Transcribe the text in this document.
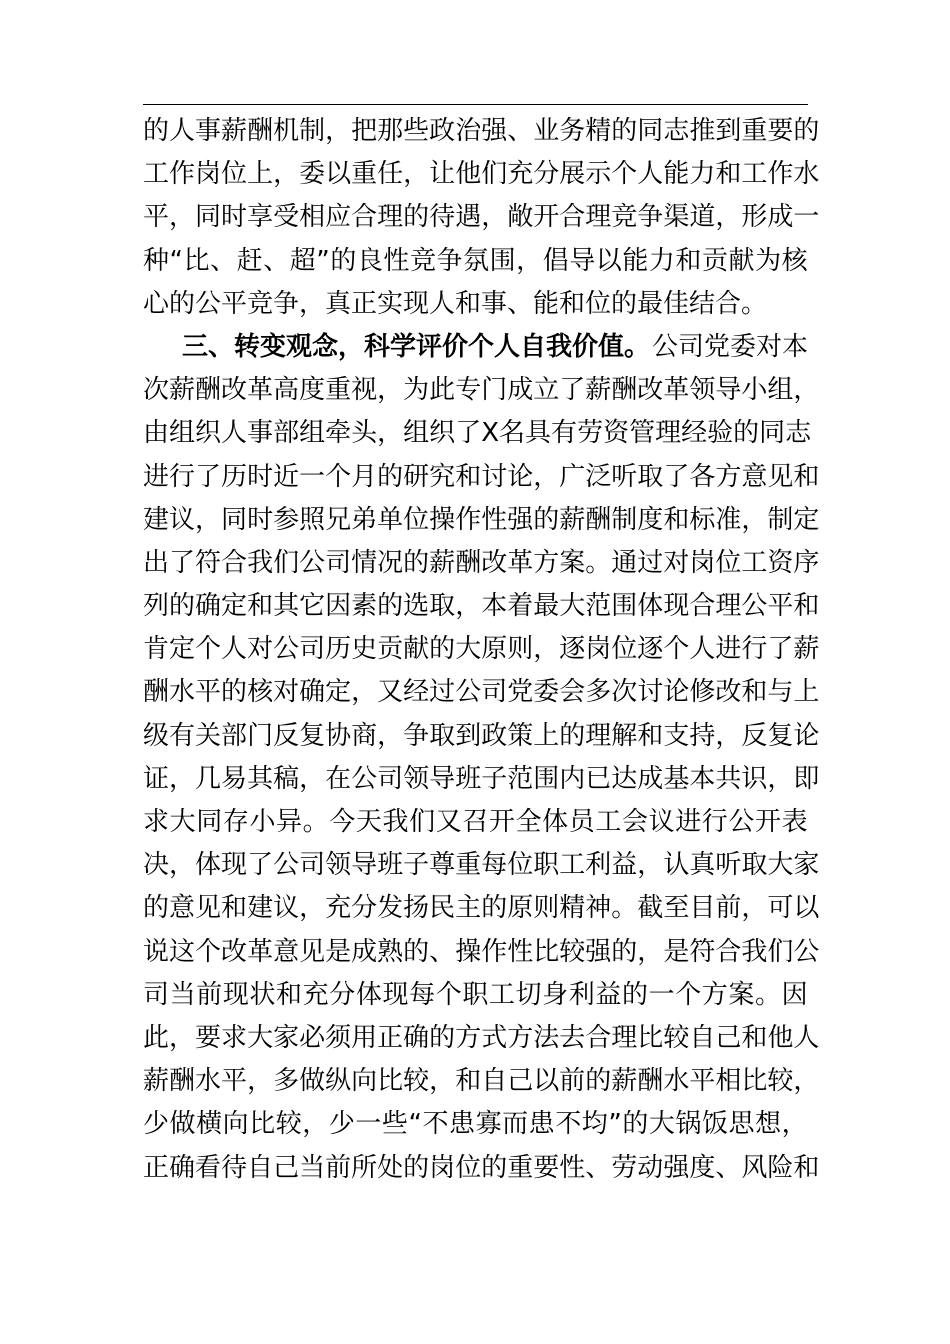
的 人 事 薪 酬 机 制 ， 把 那 些 政 治 强 、 业 务 精 的 同 志 推 到 重 要 的
工 作 岗 位 上 ， 委 以 重 任 ， 让 他 们 充 分 展 示 个 人 能 力 和 工 作 水
平 ， 同 时 享 受 相 应 合 理 的 待 遇 ， 敞 开 合 理 竞 争 渠 道 ， 形 成 一
种 “ 比 、 赶 、 超 ” 的 良 性 竞 争 氛 围 ， 倡 导 以 能 力 和 贡 献 为 核
心的公平竞争，真正实现人和事、能和位的最佳结合。
三、转变观念，科学评价个人自我价值。 公司党委对本
次 薪 酬 改 革 高 度 重 视 ， 为 此 专 门 成 立 了 薪 酬 改 革 领 导 小 组 ，
由 组 织 人 事 部 组 牵 头 ， 组 织 了 X 名 具 有 劳 资 管 理 经 验 的 同 志
进 行 了 历 时 近 一 个 月 的 研 究 和 讨 论 ， 广 泛 听 取 了 各 方 意 见 和
建 议 ， 同 时 参 照 兄 弟 单 位 操 作 性 强 的 薪 酬 制 度 和 标 准 ， 制 定
出 了 符 合 我 们 公 司 情 况 的 薪 酬 改 革 方 案 。 通 过 对 岗 位 工 资 序
列 的 确 定 和 其 它 因 素 的 选 取 ， 本 着 最 大 范 围 体 现 合 理 公 平 和
肯 定 个 人 对 公 司 历 史 贡 献 的 大 原 则 ， 逐 岗 位 逐 个 人 进 行 了 薪
酬 水 平 的 核 对 确 定 ， 又 经 过 公 司 党 委 会 多 次 讨 论 修 改 和 与 上
级 有 关 部 门 反 复 协 商 ， 争 取 到 政 策 上 的 理 解 和 支 持 ， 反 复 论
证 ， 几 易 其 稿 ， 在 公 司 领 导 班 子 范 围 内 已 达 成 基 本 共 识 ， 即
求 大 同 存 小 异 。 今 天 我 们 又 召 开 全 体 员 工 会 议 进 行 公 开 表
决 ， 体 现 了 公 司 领 导 班 子 尊 重 每 位 职 工 利 益 ， 认 真 听 取 大 家
的 意 见 和 建 议 ， 充 分 发 扬 民 主 的 原 则 精 神 。 截 至 目 前 ， 可 以
说 这 个 改 革 意 见 是 成 熟 的 、 操 作 性 比 较 强 的 ， 是 符 合 我 们 公
司 当 前 现 状 和 充 分 体 现 每 个 职 工 切 身 利 益 的 一 个 方 案 。 因
此 ， 要 求 大 家 必 须 用 正 确 的 方 式 方 法 去 合 理 比 较 自 己 和 他 人
薪 酬 水 平 ， 多 做 纵 向 比 较 ， 和 自 己 以 前 的 薪 酬 水 平 相 比 较 ，
少 做 横 向 比 较 ， 少 一 些 “ 不 患 寡 而 患 不 均 ” 的 大 锅 饭 思 想 ，
正 确 看 待 自 己 当 前 所 处 的 岗 位 的 重 要 性 、 劳 动 强 度 、 风 险 和
